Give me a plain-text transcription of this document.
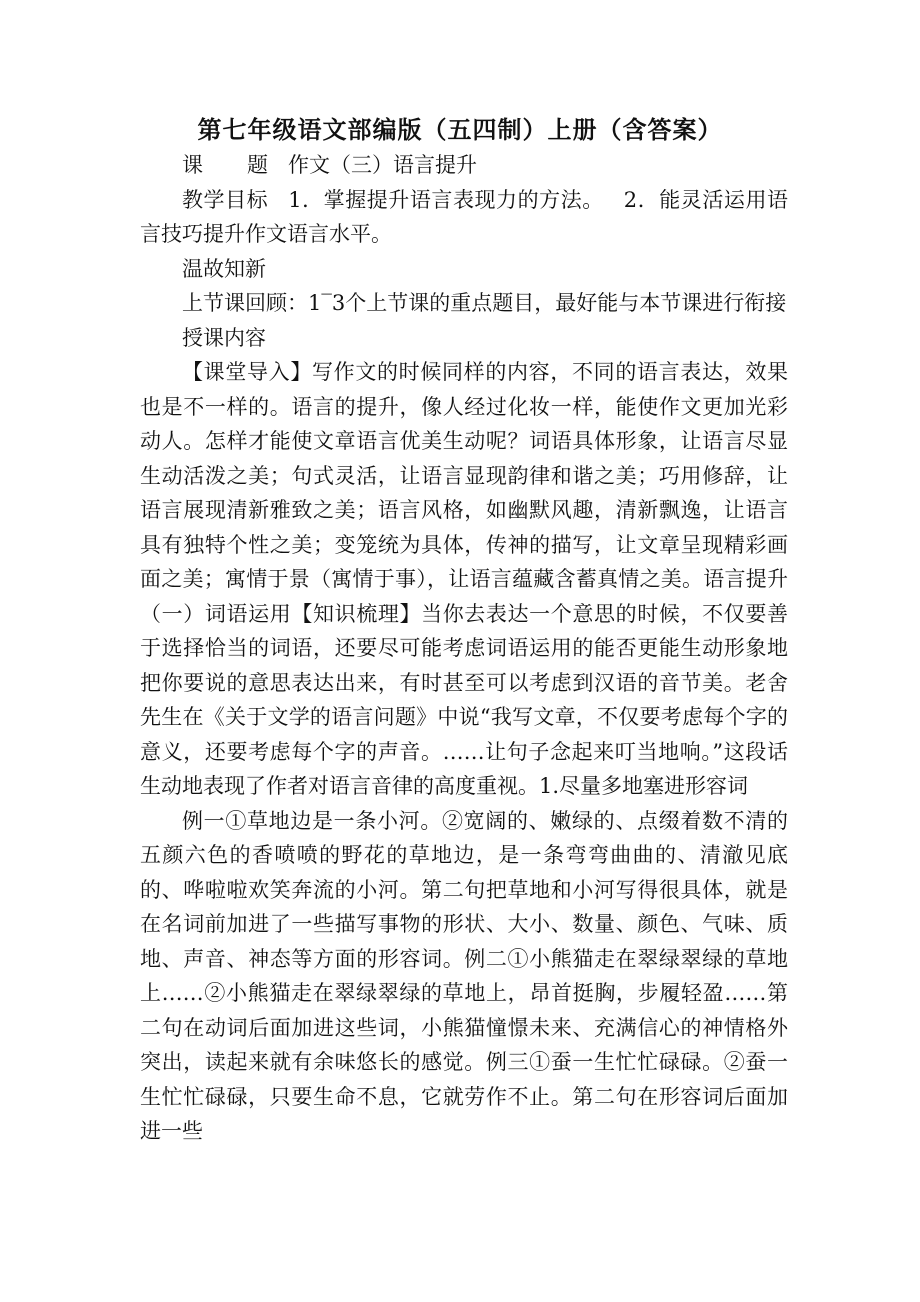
第七年级语文部编版（五四制）上册（含答案）

课 题 作文（三）语言提升

教学目标 1．掌握提升语言表现力的方法。 2．能灵活运用语言技巧提升作文语言水平。

温故知新

上节课回顾：1‾3个上节课的重点题目，最好能与本节课进行衔接

授课内容

【课堂导入】写作文的时候同样的内容，不同的语言表达，效果也是不一样的。语言的提升，像人经过化妆一样，能使作文更加光彩动人。怎样才能使文章语言优美生动呢？词语具体形象，让语言尽显生动活泼之美；句式灵活，让语言显现韵律和谐之美；巧用修辞，让语言展现清新雅致之美；语言风格，如幽默风趣，清新飘逸，让语言具有独特个性之美；变笼统为具体，传神的描写，让文章呈现精彩画面之美；寓情于景（寓情于事），让语言蕴藏含蓄真情之美。语言提升（一）词语运用【知识梳理】当你去表达一个意思的时候，不仅要善于选择恰当的词语，还要尽可能考虑词语运用的能否更能生动形象地把你要说的意思表达出来，有时甚至可以考虑到汉语的音节美。老舍先生在《关于文学的语言问题》中说“我写文章，不仅要考虑每个字的意义，还要考虑每个字的声音。……让句子念起来叮当地响。”这段话生动地表现了作者对语言音律的高度重视。1.尽量多地塞进形容词

例一①草地边是一条小河。②宽阔的、嫩绿的、点缀着数不清的五颜六色的香喷喷的野花的草地边，是一条弯弯曲曲的、清澈见底的、哗啦啦欢笑奔流的小河。第二句把草地和小河写得很具体，就是在名词前加进了一些描写事物的形状、大小、数量、颜色、气味、质地、声音、神态等方面的形容词。例二①小熊猫走在翠绿翠绿的草地上……②小熊猫走在翠绿翠绿的草地上，昂首挺胸，步履轻盈……第二句在动词后面加进这些词，小熊猫憧憬未来、充满信心的神情格外突出，读起来就有余味悠长的感觉。例三①蚕一生忙忙碌碌。②蚕一生忙忙碌碌，只要生命不息，它就劳作不止。第二句在形容词后面加进一些
